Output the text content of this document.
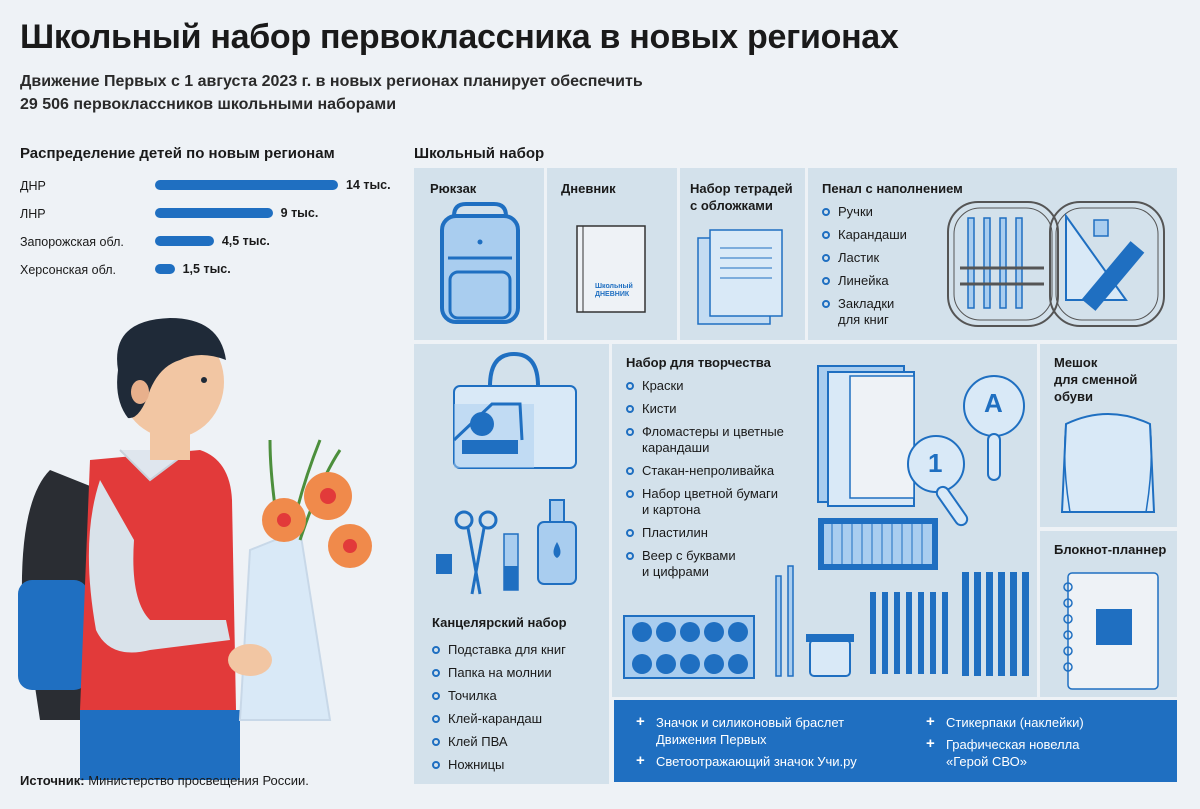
Школьный набор первоклассника в новых регионах
Движение Первых с 1 августа 2023 г. в новых регионах планирует обеспечить
29 506 первоклассников школьными наборами
Распределение детей по новым регионам
ДНР	14 тыс.
ЛНР	9 тыс.
Запорожская обл.	4,5 тыс.
Херсонская обл.	1,5 тыс.
Школьный набор
Рюкзак	Дневник
Школьный
ДНЕВНИК
Набор тетрадей
с обложками
Пенал с наполнением
Ручки
Карандаши
Ластик
Линейка
Закладки
для книг
Канцелярский набор
Подставка для книг
Папка на молнии
Точилка
Клей-карандаш
Клей ПВА
Ножницы
Набор для творчества
Краски
Кисти
Фломастеры и цветные
карандаши
Стакан-непроливайка
Набор цветной бумаги
и картона
Пластилин
Веер с буквами
и цифрами
А
1
Мешок
для сменной
обуви
Блокнот-планнер
+ Значок и силиконовый браслет
Движения Первых
+ Светоотражающий значок Учи.ру
+ Стикерпаки (наклейки)
+ Графическая новелла
«Герой СВО»
Источник: Министерство просвещения России.
